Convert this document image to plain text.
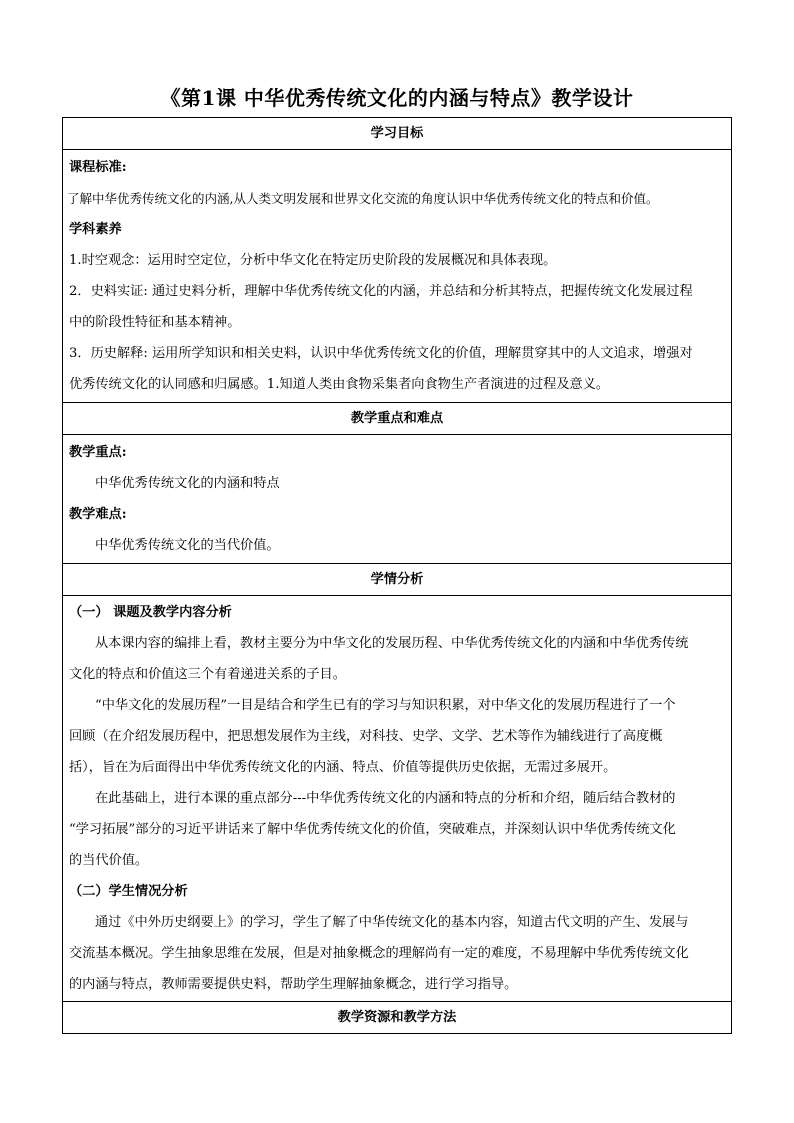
《第1课 中华优秀传统文化的内涵与特点》教学设计
学习目标

课程标准:

了解中华优秀传统文化的内涵,从人类文明发展和世界文化交流的角度认识中华优秀传统文化的特点和价值。

学科素养

1.时空观念：运用时空定位，分析中华文化在特定历史阶段的发展概况和具体表现。

2．史料实证: 通过史料分析，理解中华优秀传统文化的内涵，并总结和分析其特点，把握传统文化发展过程

中的阶段性特征和基本精神。

3．历史解释: 运用所学知识和相关史料，认识中华优秀传统文化的价值，理解贯穿其中的人文追求，增强对

优秀传统文化的认同感和归属感。1.知道人类由食物采集者向食物生产者演进的过程及意义。

教学重点和难点

教学重点:

中华优秀传统文化的内涵和特点

教学难点:

中华优秀传统文化的当代价值。

学情分析

（一） 课题及教学内容分析

从本课内容的编排上看，教材主要分为中华文化的发展历程、中华优秀传统文化的内涵和中华优秀传统

文化的特点和价值这三个有着递进关系的子目。

“中华文化的发展历程”一目是结合和学生已有的学习与知识积累，对中华文化的发展历程进行了一个

回顾（在介绍发展历程中，把思想发展作为主线，对科技、史学、文学、艺术等作为辅线进行了高度概

括），旨在为后面得出中华优秀传统文化的内涵、特点、价值等提供历史依据，无需过多展开。

在此基础上，进行本课的重点部分---中华优秀传统文化的内涵和特点的分析和介绍，随后结合教材的

“学习拓展”部分的习近平讲话来了解中华优秀传统文化的价值，突破难点，并深刻认识中华优秀传统文化

的当代价值。

（二）学生情况分析

通过《中外历史纲要上》的学习，学生了解了中华传统文化的基本内容，知道古代文明的产生、发展与

交流基本概况。学生抽象思维在发展，但是对抽象概念的理解尚有一定的难度，不易理解中华优秀传统文化

的内涵与特点，教师需要提供史料，帮助学生理解抽象概念，进行学习指导。

教学资源和教学方法
